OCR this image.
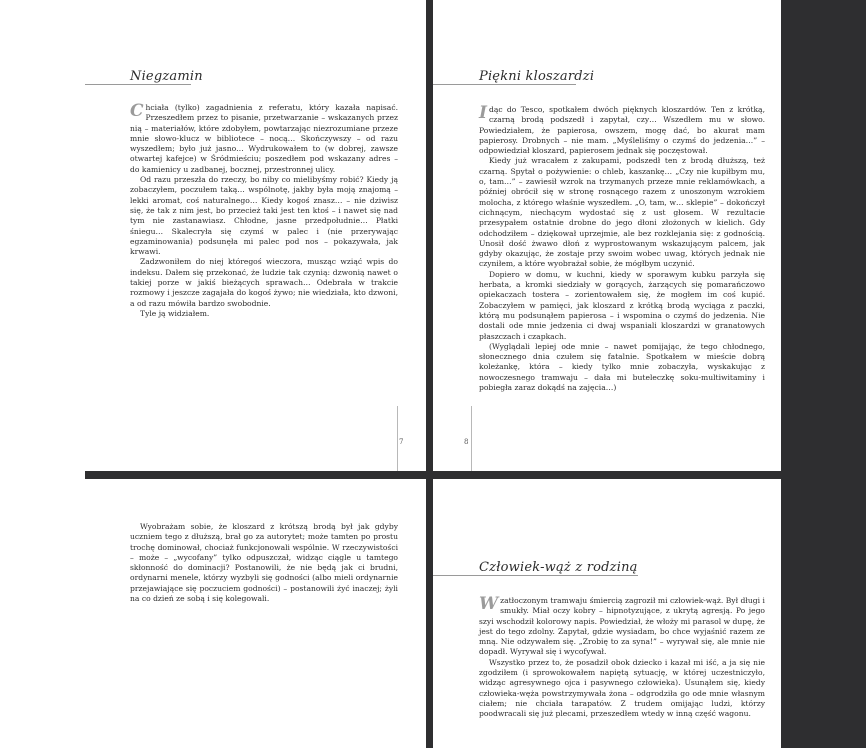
Niegzamin

Chciała (tylko) zagadnienia z referatu, który kazała napisać. Przeszedłem przez to pisanie, przetwarzanie – wskazanych przez nią – materiałów, które zdobyłem, powtarzając niezrozumiane przeze mnie słowo-klucz w bibliotece – nocą… Skończywszy – od razu wyszedłem; było już jasno… Wydrukowałem to (w dobrej, zawsze otwartej kafejce) w Śródmieściu; poszedłem pod wskazany adres – do kamienicy u zadbanej, bocznej, przestronnej ulicy.

Od razu przeszła do rzeczy, bo niby co mielibyśmy robić? Kiedy ją zobaczyłem, poczułem taką… wspólnotę, jakby była moją znajomą – lekki aromat, coś naturalnego… Kiedy kogoś znasz… – nie dziwisz się, że tak z nim jest, bo przecież taki jest ten ktoś – i nawet się nad tym nie zastanawiasz. Chłodne, jasne przedpołudnie… Płatki śniegu… Skalecryła się czymś w palec i (nie przerywając egzaminowania) podsunęła mi palec pod nos – pokazywała, jak krwawi.

Zadzwoniłem do niej któregoś wieczora, musząc wziąć wpis do indeksu. Dałem się przekonać, że ludzie tak czynią: dzwonią nawet o takiej porze w jakiś bieżących sprawach… Odebrała w trakcie rozmowy i jeszcze zagajała do kogoś żywo; nie wiedziała, kto dzwoni, a od razu mówiła bardzo swobodnie.

Tyle ją widziałem.

7
Piękni kloszardzi

Idąc do Tesco, spotkałem dwóch pięknych kloszardów. Ten z krótką, czarną brodą podszedł i zapytał, czy… Wszedłem mu w słowo. Powiedziałem, że papierosa, owszem, mogę dać, bo akurat mam papierosy. Drobnych – nie mam. „Myśleliśmy o czymś do jedzenia…” – odpowiedział kloszard, papierosem jednak się poczęstował.

Kiedy już wracałem z zakupami, podszedł ten z brodą dłuższą, też czarną. Spytał o pożywienie: o chleb, kaszankę… „Czy nie kupiłbym mu, o, tam…” – zawiesił wzrok na trzymanych przeze mnie reklamówkach, a później obrócił się w stronę rosnącego razem z unoszonym wzrokiem molocha, z którego właśnie wyszedłem. „O, tam, w… sklepie” – dokończył cichnącym, niechącym wydostać się z ust głosem. W rezultacie przesypałem ostatnie drobne do jego dłoni złożonych w kielich. Gdy odchodziłem – dziękował uprzejmie, ale bez rozklejania się: z godnością. Unosił dość żwawo dłoń z wyprostowanym wskazującym palcem, jak gdyby okazując, że zostaje przy swoim wobec uwag, których jednak nie czyniłem, a które wyobrażał sobie, że mógłbym uczynić.

Dopiero w domu, w kuchni, kiedy w sporawym kubku parzyła się herbata, a kromki siedziały w gorących, żarzących się pomarańczowo opiekaczach tostera – zorientowałem się, że mogłem im coś kupić. Zobaczyłem w pamięci, jak kloszard z krótką brodą wyciąga z paczki, którą mu podsunąłem papierosa – i wspomina o czymś do jedzenia. Nie dostali ode mnie jedzenia ci dwaj wspaniali kloszardzi w granatowych płaszczach i czapkach.

(Wyglądali lepiej ode mnie – nawet pomijając, że tego chłodnego, słonecznego dnia czułem się fatalnie. Spotkałem w mieście dobrą koleżankę, która – kiedy tylko mnie zobaczyła, wyskakując z nowoczesnego tramwaju – dała mi buteleczkę soku-multiwitaminy i pobiegła zaraz dokądś na zajęcia…)

8

Wyobrażam sobie, że kloszard z krótszą brodą był jak gdyby uczniem tego z dłuższą, brał go za autorytet; może tamten po prostu trochę dominował, chociaż funkcjonowali wspólnie. W rzeczywistości – może – „wycofany” tylko odpuszczał, widząc ciągle u tamtego skłonność do dominacji? Postanowili, że nie będą jak ci brudni, ordynarni menele, którzy wyzbyli się godności (albo mieli ordynarnie przejawiające się poczuciem godności) – postanowili żyć inaczej; żyli na co dzień ze sobą i się kolegowali.

Człowiek-wąż z rodziną

Wzatłoczonym tramwaju śmiercią zagroził mi człowiek-wąż. Był długi i smukły. Miał oczy kobry – hipnotyzujące, z ukrytą agresją. Po jego szyi wschodził kolorowy napis. Powiedział, że włoży mi parasol w dupę, że jest do tego zdolny. Zapytał, gdzie wysiadam, bo chce wyjaśnić razem ze mną. Nie odzywałem się. „Zrobię to za syna!” – wyrywał się, ale mnie nie dopadł. Wyrywał się i wycofywał.

Wszystko przez to, że posadził obok dziecko i kazał mi iść, a ja się nie zgodziłem (i sprowokowałem napiętą sytuację, w której uczestniczyło, widząc agresywnego ojca i pasywnego człowieka). Usunąłem się, kiedy człowieka-węża powstrzymywała żona – odgrodziła go ode mnie własnym ciałem; nie chciała tarapatów. Z trudem omijając ludzi, którzy poodwracali się już plecami, przeszedłem wtedy w inną część wagonu.
